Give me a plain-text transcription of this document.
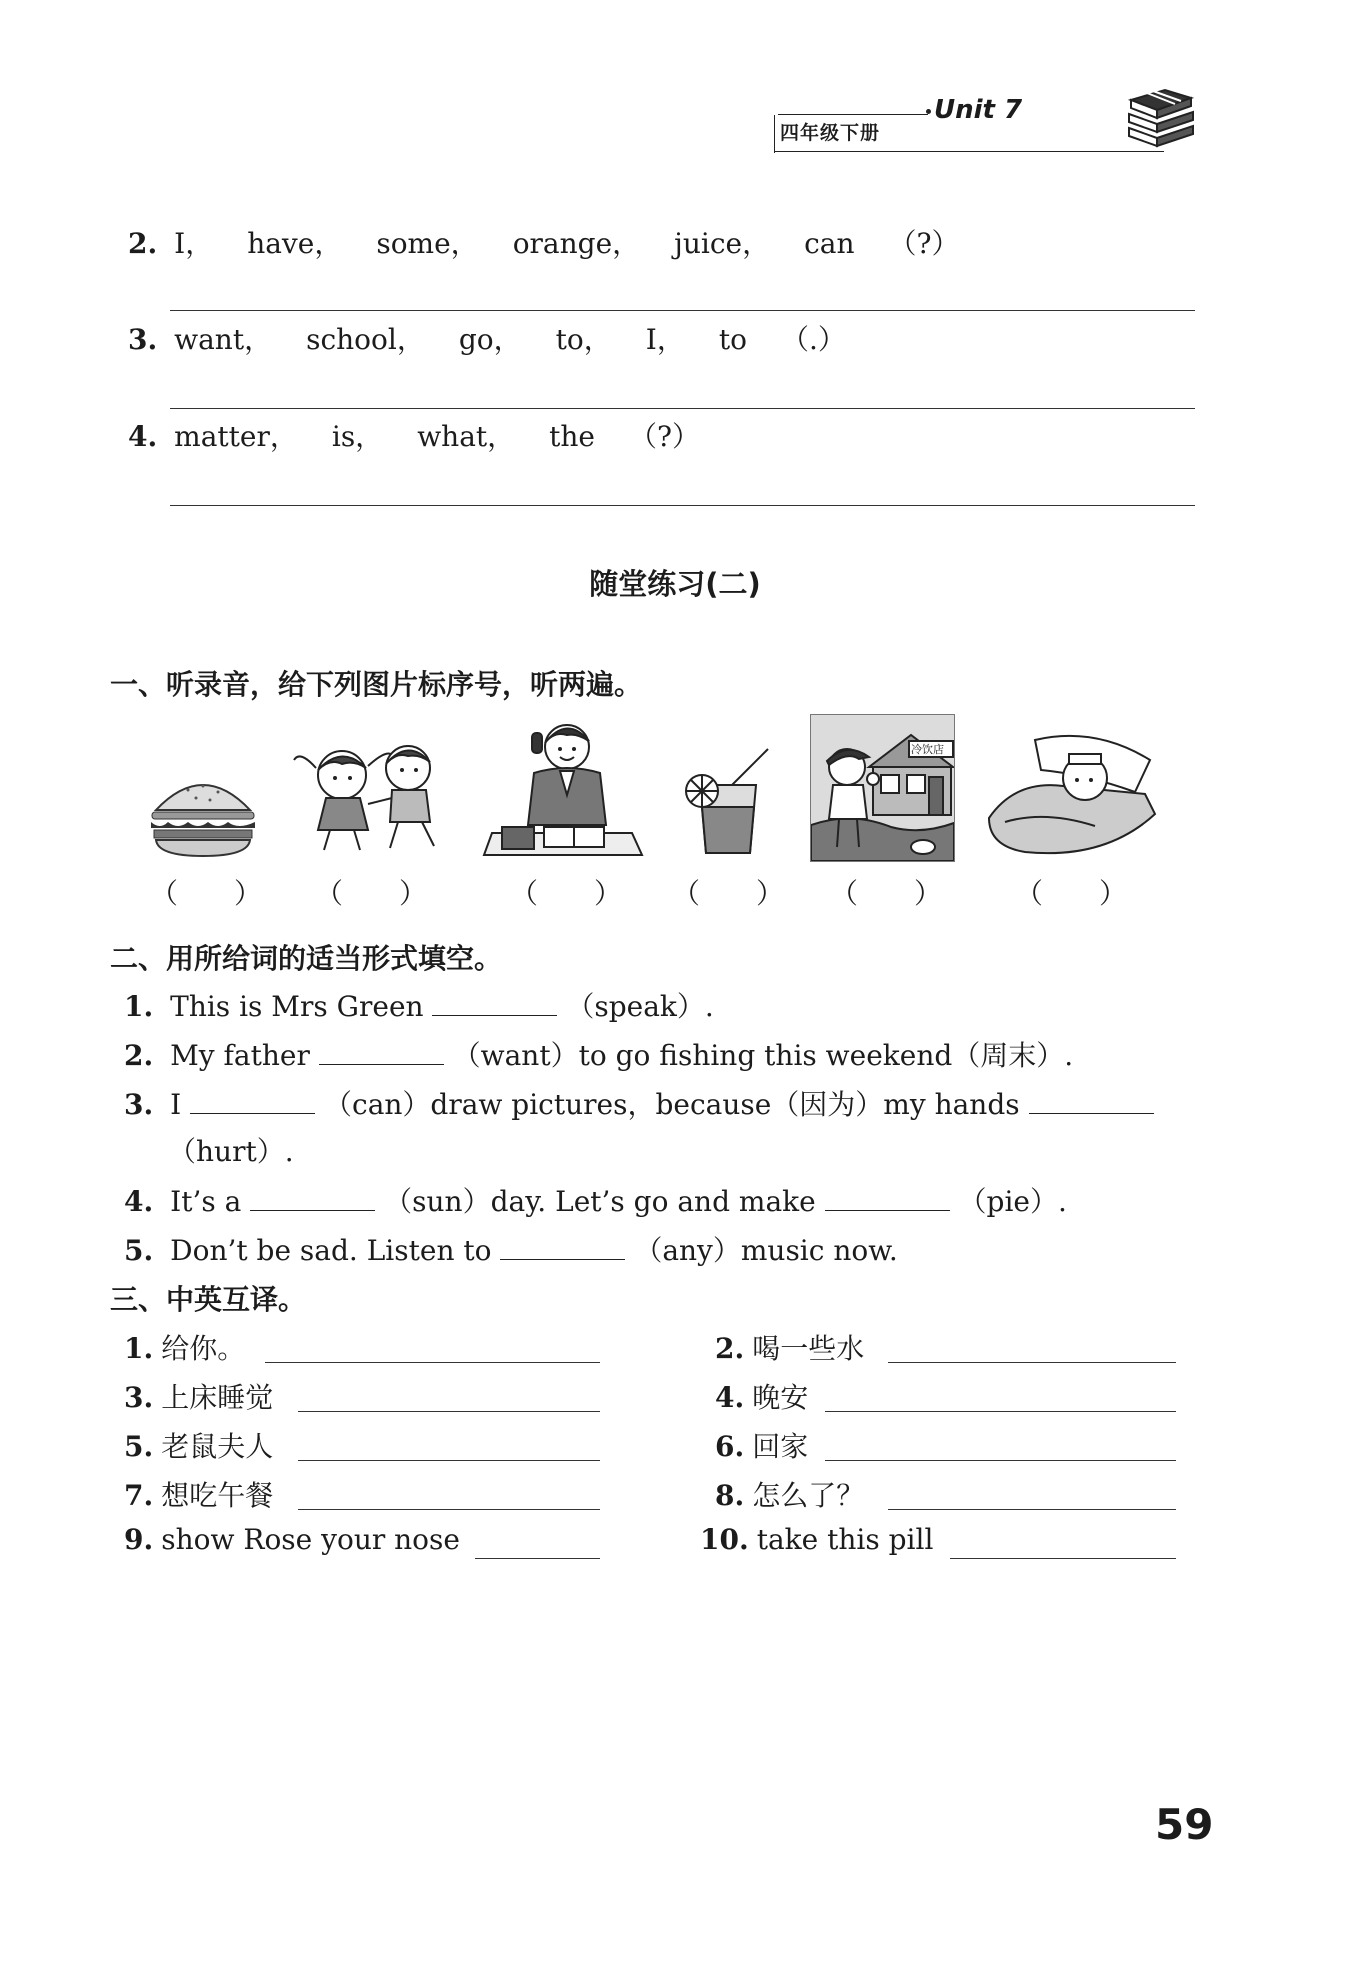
四年级下册
Unit 7
2. I， have， some， orange， juice， can （?）
3. want， school， go， to， I， to （.）
4. matter， is， what， the （?）
随堂练习(二)
一、听录音，给下列图片标序号，听两遍。
冷饮店
（　　） （　　）	（　　） （　　） （　　）	（　　）
二、用所给词的适当形式填空。
1. This is Mrs Green	（speak）.
2. My father	（want）to go fishing this weekend（周末）.
3. I	（can）draw pictures，because（因为）my hands
（hurt）.
4. It’s a	（sun）day. Let’s go and make	（pie）.
5. Don’t be sad. Listen to	（any）music now.
三、中英互译。
1. 给你。
3. 上床睡觉
5. 老鼠夫人
7. 想吃午餐
9. show Rose your nose
2. 喝一些水
4. 晚安
6. 回家
8. 怎么了？
10. take this pill
59
